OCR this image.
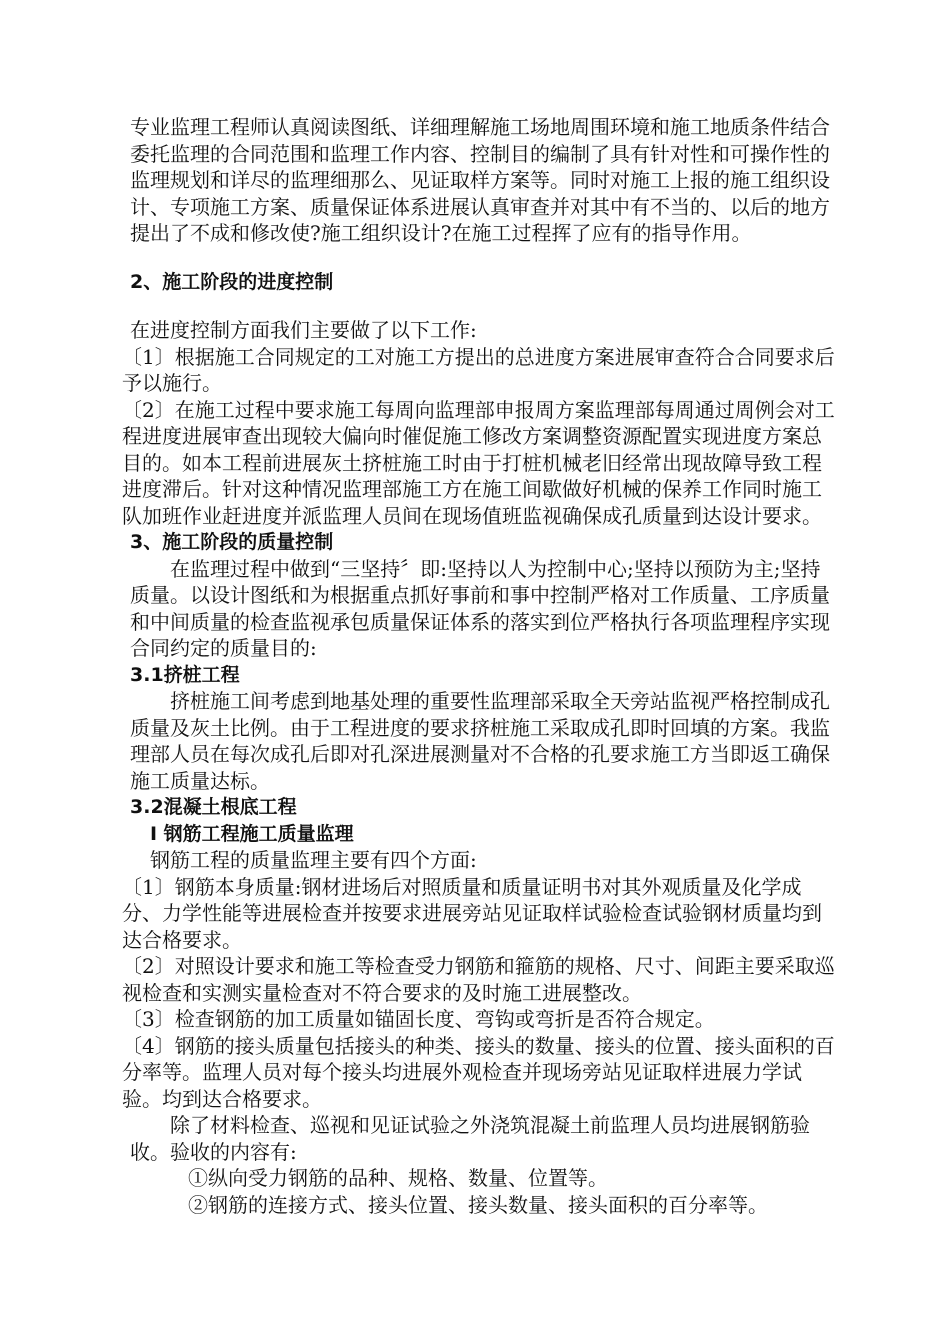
专业监理工程师认真阅读图纸、详细理解施工场地周围环境和施工地质条件结合委托监理的合同范围和监理工作内容、控制目的编制了具有针对性和可操作性的监理规划和详尽的监理细那么、见证取样方案等。同时对施工上报的施工组织设计、专项施工方案、质量保证体系进展认真审查并对其中有不当的、以后的地方提出了不成和修改使?施工组织设计?在施工过程挥了应有的指导作用。

2、施工阶段的进度控制

在进度控制方面我们主要做了以下工作:

〔1〕根据施工合同规定的工对施工方提出的总进度方案进展审查符合合同要求后予以施行。

〔2〕在施工过程中要求施工每周向监理部申报周方案监理部每周通过周例会对工程进度进展审查出现较大偏向时催促施工修改方案调整资源配置实现进度方案总目的。如本工程前进展灰土挤桩施工时由于打桩机械老旧经常出现故障导致工程进度滞后。针对这种情况监理部施工方在施工间歇做好机械的保养工作同时施工队加班作业赶进度并派监理人员间在现场值班监视确保成孔质量到达设计要求。

3、施工阶段的质量控制

在监理过程中做到“三坚持〞即:坚持以人为控制中心;坚持以预防为主;坚持质量。以设计图纸和为根据重点抓好事前和事中控制严格对工作质量、工序质量和中间质量的检查监视承包质量保证体系的落实到位严格执行各项监理程序实现合同约定的质量目的:

3.1挤桩工程

挤桩施工间考虑到地基处理的重要性监理部采取全天旁站监视严格控制成孔质量及灰土比例。由于工程进度的要求挤桩施工采取成孔即时回填的方案。我监理部人员在每次成孔后即对孔深进展测量对不合格的孔要求施工方当即返工确保施工质量达标。

3.2混凝土根底工程

Ⅰ 钢筋工程施工质量监理

钢筋工程的质量监理主要有四个方面:

〔1〕钢筋本身质量:钢材进场后对照质量和质量证明书对其外观质量及化学成分、力学性能等进展检查并按要求进展旁站见证取样试验检查试验钢材质量均到达合格要求。

〔2〕对照设计要求和施工等检查受力钢筋和箍筋的规格、尺寸、间距主要采取巡视检查和实测实量检查对不符合要求的及时施工进展整改。

〔3〕检查钢筋的加工质量如锚固长度、弯钩或弯折是否符合规定。

〔4〕钢筋的接头质量包括接头的种类、接头的数量、接头的位置、接头面积的百分率等。监理人员对每个接头均进展外观检查并现场旁站见证取样进展力学试验。均到达合格要求。

除了材料检查、巡视和见证试验之外浇筑混凝土前监理人员均进展钢筋验收。验收的内容有:

①纵向受力钢筋的品种、规格、数量、位置等。

②钢筋的连接方式、接头位置、接头数量、接头面积的百分率等。
